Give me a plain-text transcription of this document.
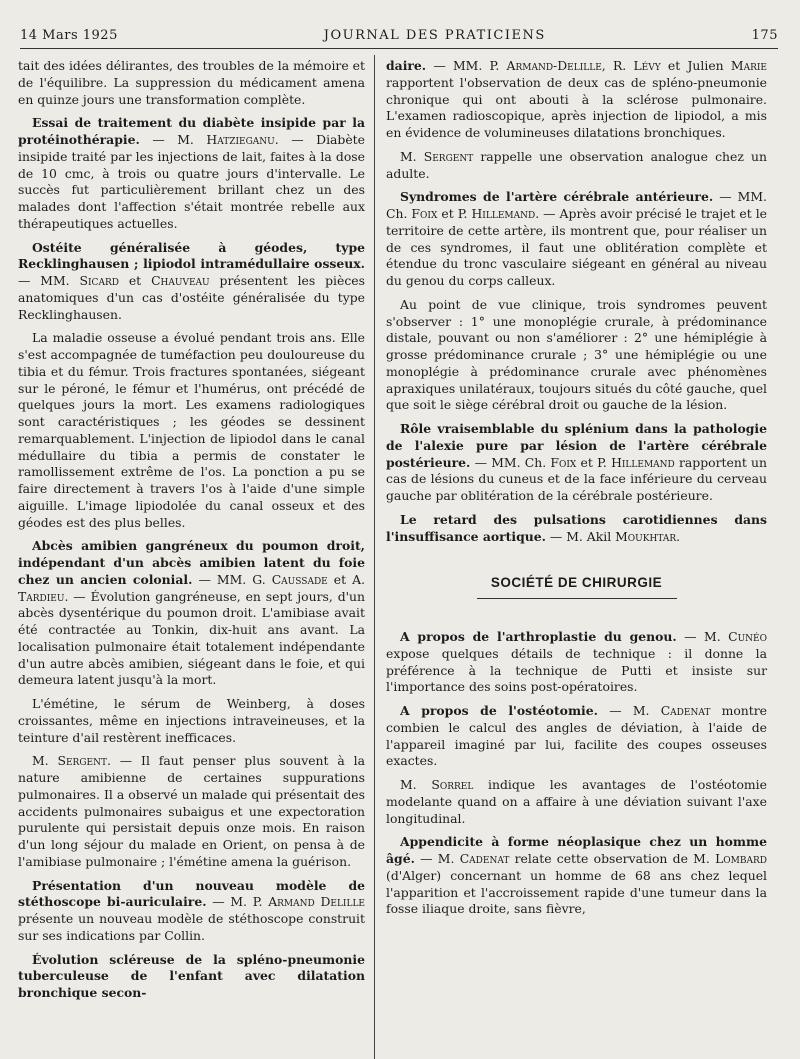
14 Mars 1925	JOURNAL DES PRATICIENS	175

tait des idées délirantes, des troubles de la mémoire et de l'équilibre. La suppression du médicament amena en quinze jours une transformation complète.

Essai de traitement du diabète insipide par la protéinothérapie. — M. Hatzieganu. — Diabète insipide traité par les injections de lait, faites à la dose de 10 cmc, à trois ou quatre jours d'intervalle. Le succès fut particulièrement brillant chez un des malades dont l'affection s'était montrée rebelle aux thérapeutiques actuelles.

Ostéite généralisée à géodes, type Recklinghausen ; lipiodol intramédullaire osseux. — MM. Sicard et Chauveau présentent les pièces anatomiques d'un cas d'ostéite généralisée du type Recklinghausen.

La maladie osseuse a évolué pendant trois ans. Elle s'est accompagnée de tuméfaction peu douloureuse du tibia et du fémur. Trois fractures spontanées, siégeant sur le péroné, le fémur et l'humérus, ont précédé de quelques jours la mort. Les examens radiologiques sont caractéristiques ; les géodes se dessinent remarquablement. L'injection de lipiodol dans le canal médullaire du tibia a permis de constater le ramollissement extrême de l'os. La ponction a pu se faire directement à travers l'os à l'aide d'une simple aiguille. L'image lipiodolée du canal osseux et des géodes est des plus belles.

Abcès amibien gangréneux du poumon droit, indépendant d'un abcès amibien latent du foie chez un ancien colonial. — MM. G. Caussade et A. Tardieu. — Évolution gangréneuse, en sept jours, d'un abcès dysentérique du poumon droit. L'amibiase avait été contractée au Tonkin, dix-huit ans avant. La localisation pulmonaire était totalement indépendante d'un autre abcès amibien, siégeant dans le foie, et qui demeura latent jusqu'à la mort.

L'émétine, le sérum de Weinberg, à doses croissantes, même en injections intraveineuses, et la teinture d'ail restèrent inefficaces.

M. Sergent. — Il faut penser plus souvent à la nature amibienne de certaines suppurations pulmonaires. Il a observé un malade qui présentait des accidents pulmonaires subaigus et une expectoration purulente qui persistait depuis onze mois. En raison d'un long séjour du malade en Orient, on pensa à de l'amibiase pulmonaire ; l'émétine amena la guérison.

Présentation d'un nouveau modèle de stéthoscope bi-auriculaire. — M. P. Armand Delille présente un nouveau modèle de stéthoscope construit sur ses indications par Collin.

Évolution scléreuse de la spléno-pneumonie tuberculeuse de l'enfant avec dilatation bronchique secon-

daire. — MM. P. Armand-Delille, R. Lévy et Julien Marie rapportent l'observation de deux cas de spléno-pneumonie chronique qui ont abouti à la sclérose pulmonaire. L'examen radioscopique, après injection de lipiodol, a mis en évidence de volumineuses dilatations bronchiques.

M. Sergent rappelle une observation analogue chez un adulte.

Syndromes de l'artère cérébrale antérieure. — MM. Ch. Foix et P. Hillemand. — Après avoir précisé le trajet et le territoire de cette artère, ils montrent que, pour réaliser un de ces syndromes, il faut une oblitération complète et étendue du tronc vasculaire siégeant en général au niveau du genou du corps calleux.

Au point de vue clinique, trois syndromes peuvent s'observer : 1° une monoplégie crurale, à prédominance distale, pouvant ou non s'améliorer : 2° une hémiplégie à grosse prédominance crurale ; 3° une hémiplégie ou une monoplégie à prédominance crurale avec phénomènes apraxiques unilatéraux, toujours situés du côté gauche, quel que soit le siège cérébral droit ou gauche de la lésion.

Rôle vraisemblable du splénium dans la pathologie de l'alexie pure par lésion de l'artère cérébrale postérieure. — MM. Ch. Foix et P. Hillemand rapportent un cas de lésions du cuneus et de la face inférieure du cerveau gauche par oblitération de la cérébrale postérieure.

Le retard des pulsations carotidiennes dans l'insuffisance aortique. — M. Akil Moukhtar.

SOCIÉTÉ DE CHIRURGIE

A propos de l'arthroplastie du genou. — M. Cunéo expose quelques détails de technique : il donne la préférence à la technique de Putti et insiste sur l'importance des soins post-opératoires.

A propos de l'ostéotomie. — M. Cadenat montre combien le calcul des angles de déviation, à l'aide de l'appareil imaginé par lui, facilite des coupes osseuses exactes.

M. Sorrel indique les avantages de l'ostéotomie modelante quand on a affaire à une déviation suivant l'axe longitudinal.

Appendicite à forme néoplasique chez un homme âgé. — M. Cadenat relate cette observation de M. Lombard (d'Alger) concernant un homme de 68 ans chez lequel l'apparition et l'accroissement rapide d'une tumeur dans la fosse iliaque droite, sans fièvre,
